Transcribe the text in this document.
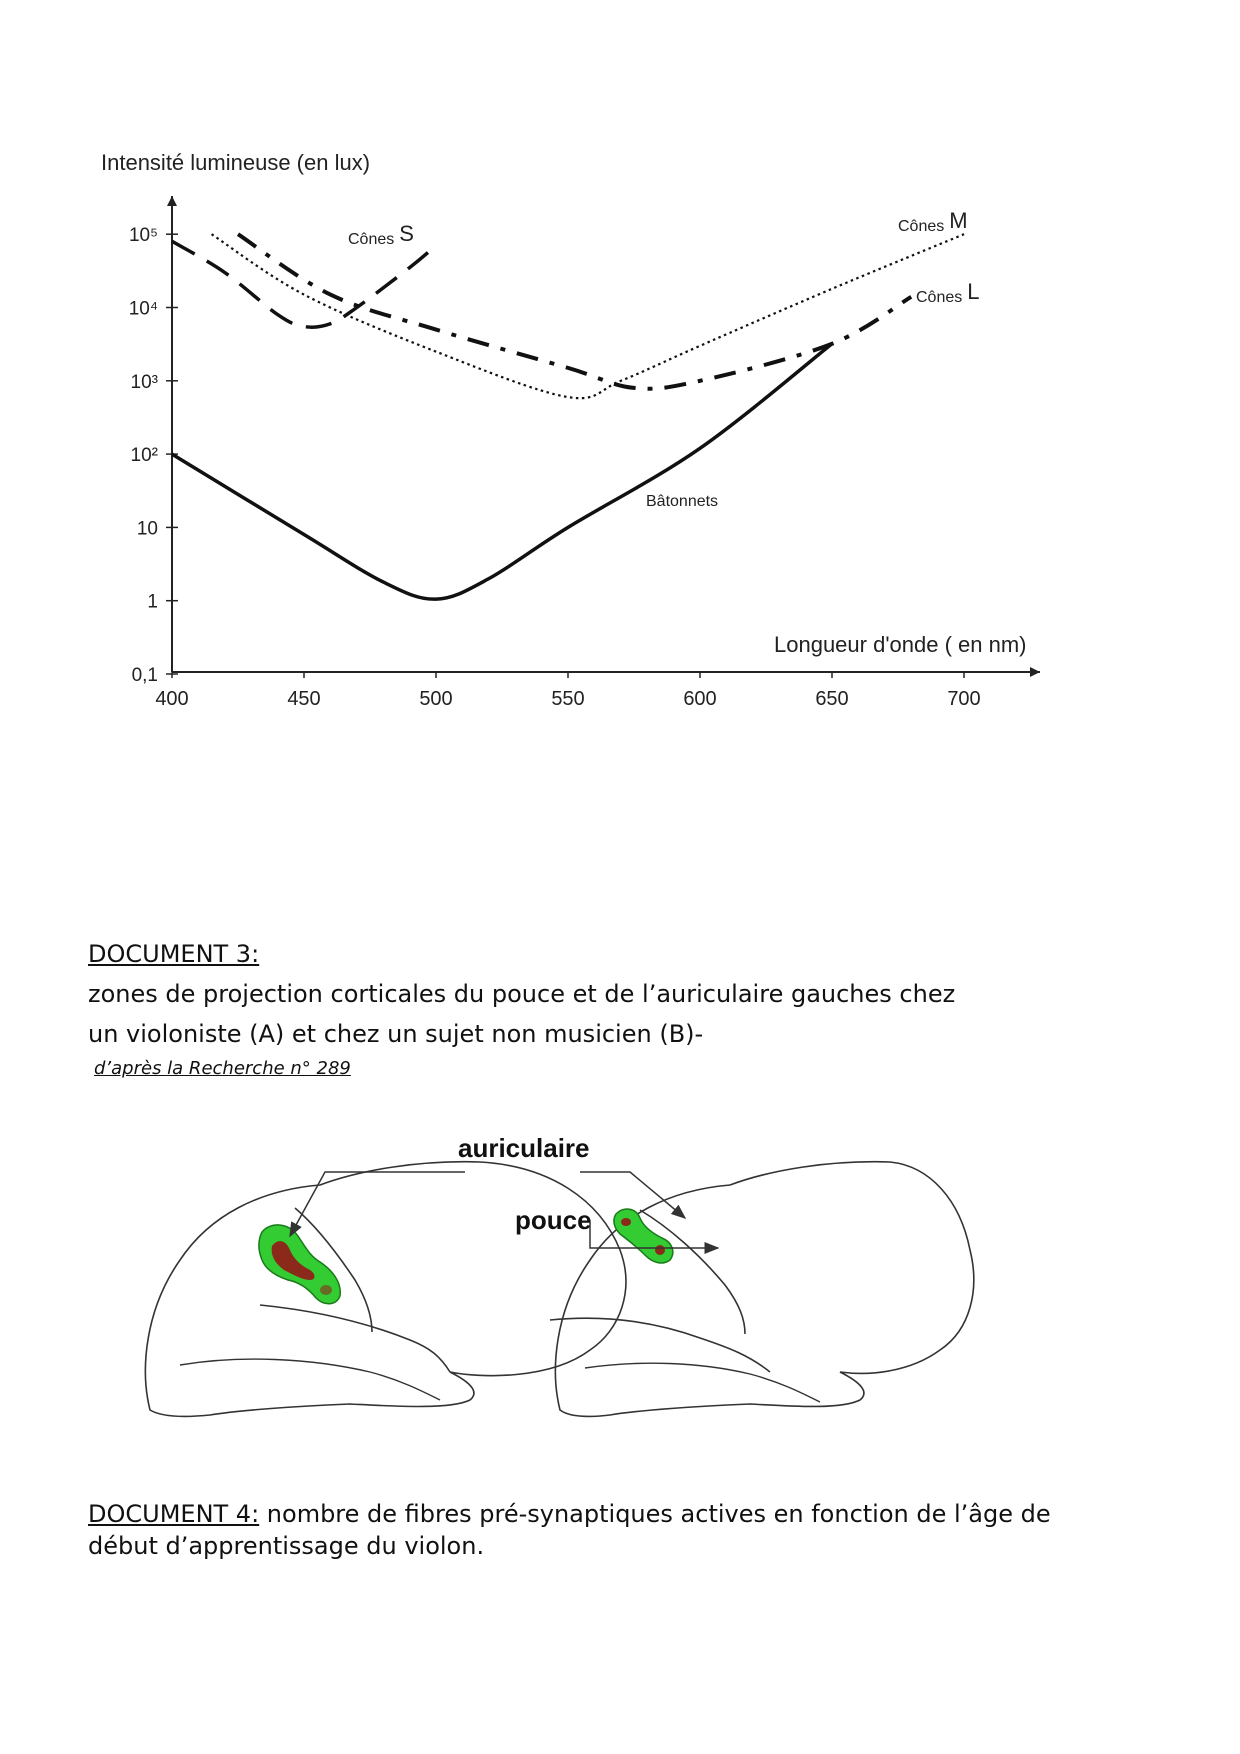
Intensité lumineuse (en lux)
Longueur d'onde ( en nm)
400	450	500	550	600	650	700
0,1
1
10
10²
10³
10⁴
10⁵	Cônes S	Cônes M
Cônes L
Bâtonnets
DOCUMENT 3:
zones de projection corticales du pouce et de l’auriculaire gauches chez
un violoniste (A) et chez un sujet non musicien (B)-
d’après la Recherche n° 289
auriculaire
pouce
DOCUMENT 4: nombre de fibres pré-synaptiques actives en fonction de l’âge de début d’apprentissage du violon.
